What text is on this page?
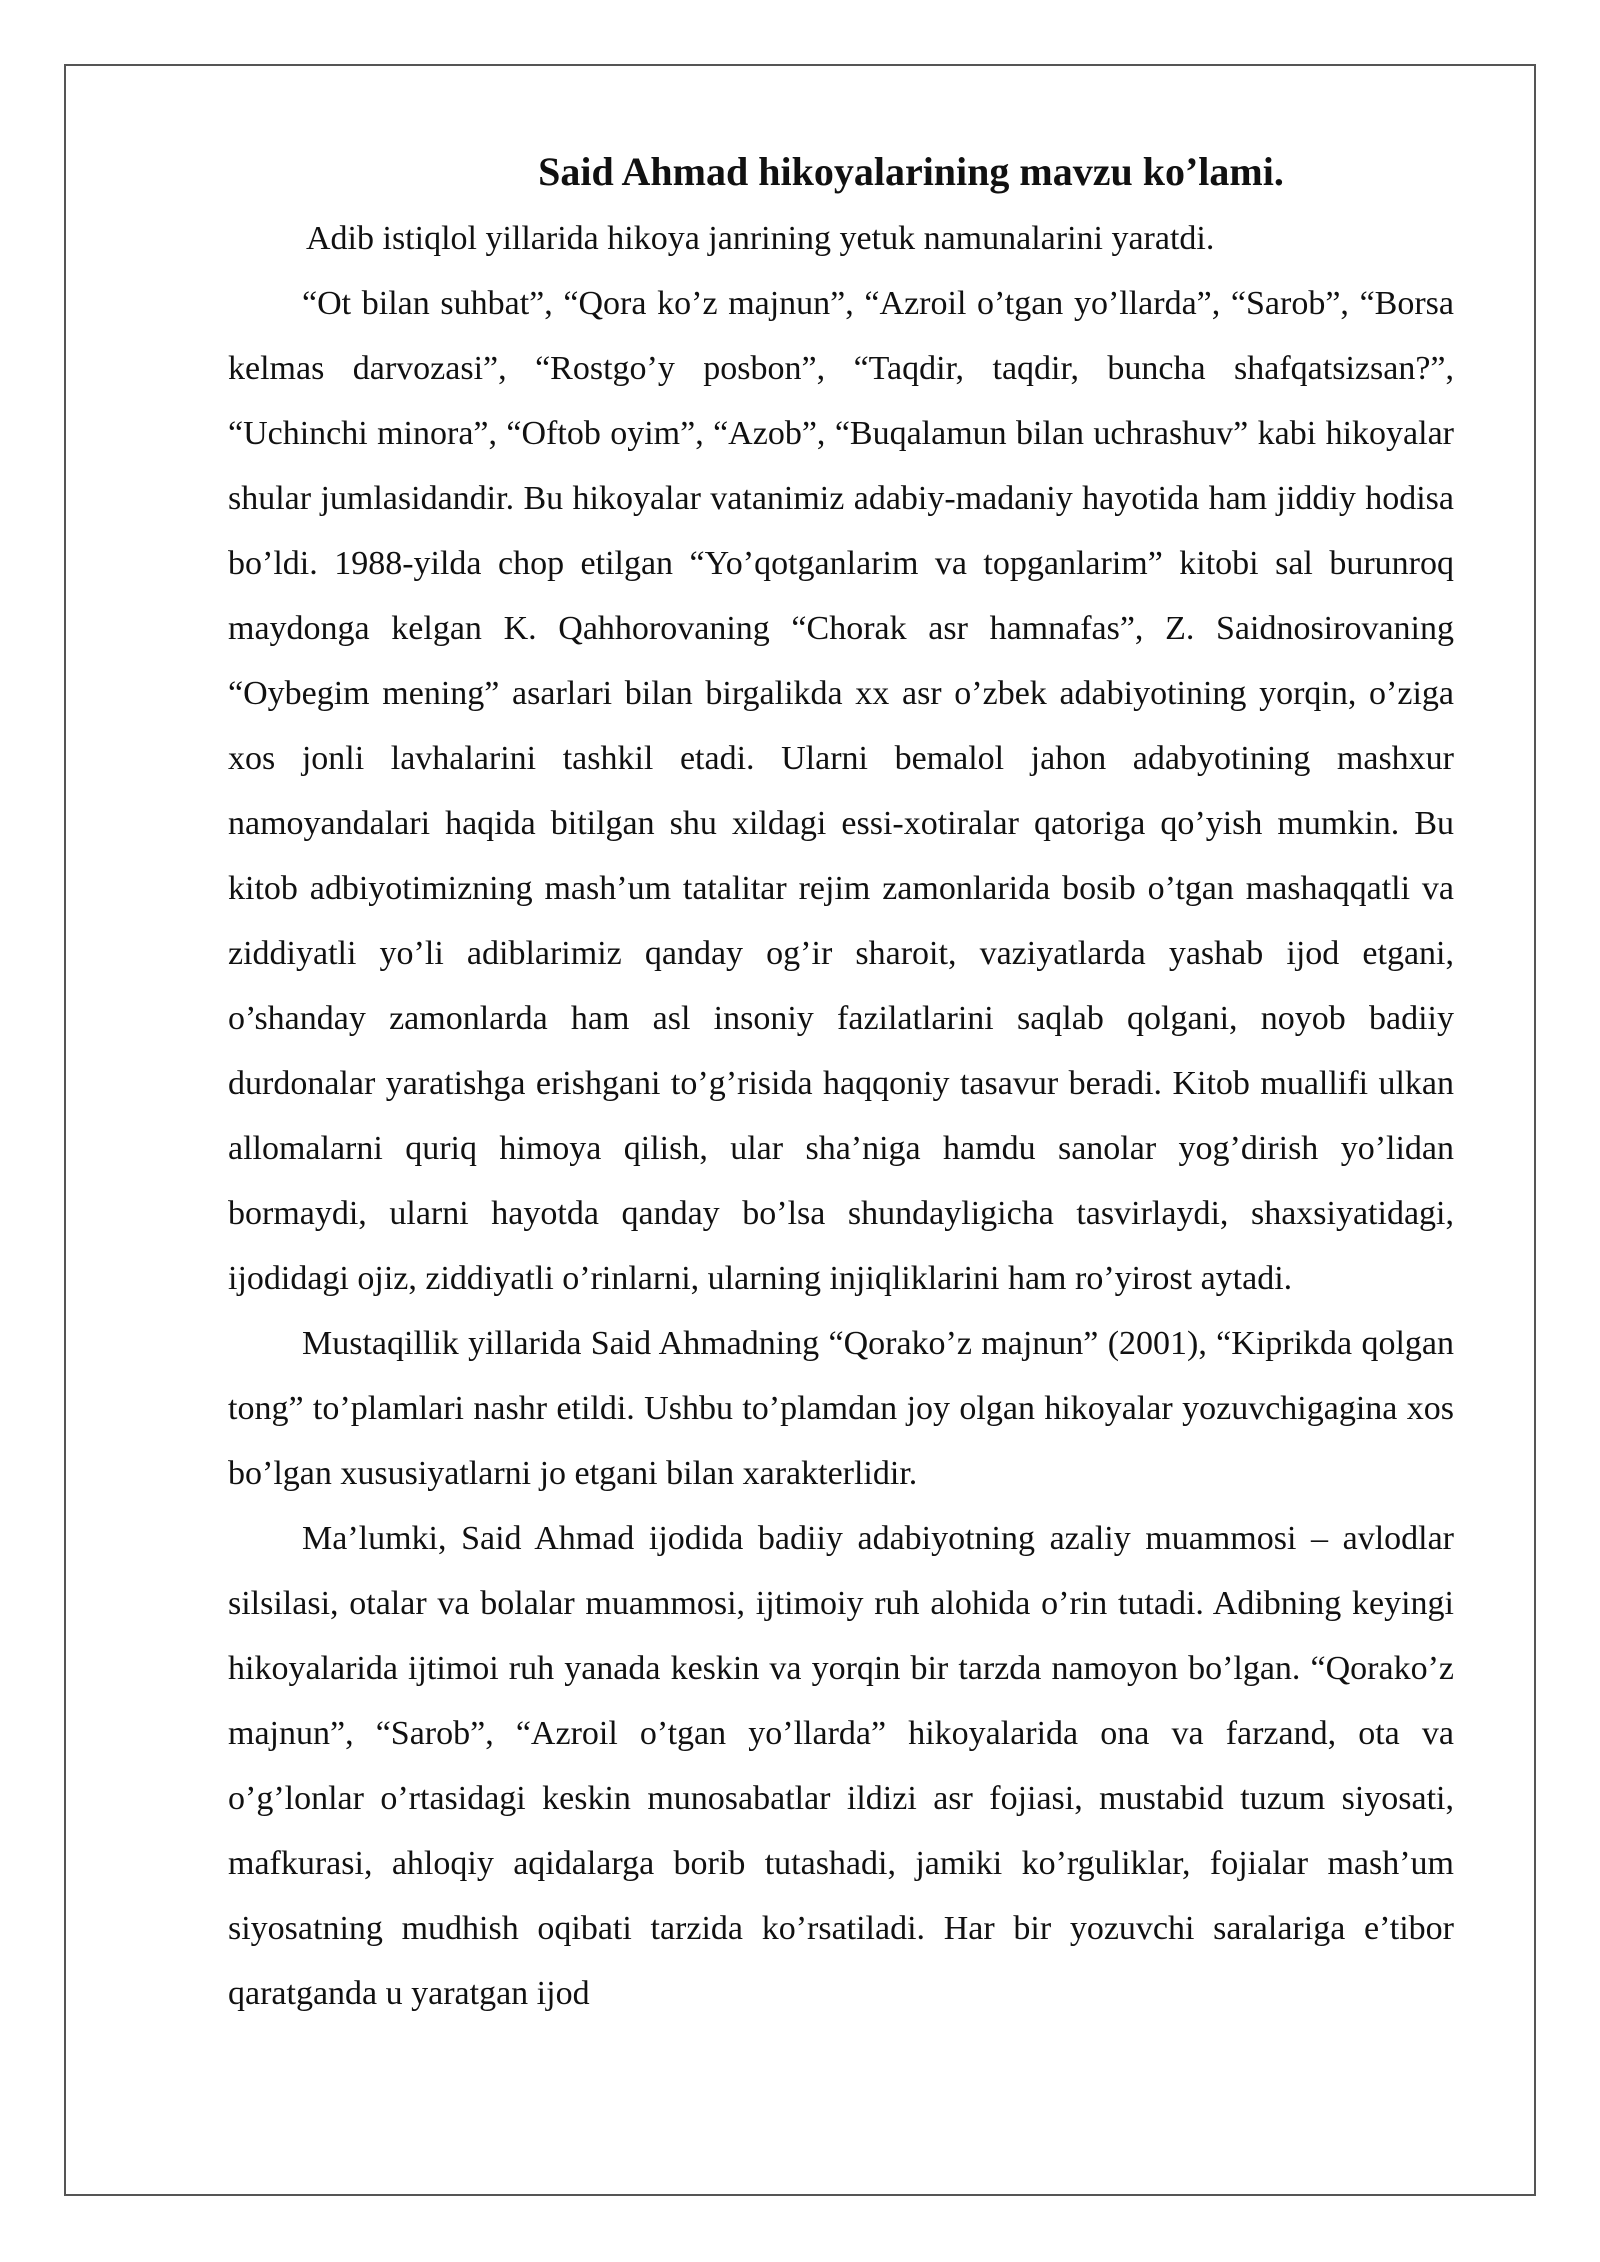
Said Ahmad hikoyalarining mavzu ko’lami.

Adib istiqlol yillarida hikoya janrining yetuk namunalarini yaratdi.

“Ot bilan suhbat”, “Qora ko’z majnun”, “Azroil o’tgan yo’llarda”, “Sarob”, “Borsa kelmas darvozasi”, “Rostgo’y posbon”, “Taqdir, taqdir, buncha shafqatsizsan?”, “Uchinchi minora”, “Oftob oyim”, “Azob”, “Buqalamun bilan uchrashuv” kabi hikoyalar shular jumlasidandir. Bu hikoyalar vatanimiz adabiy-madaniy hayotida ham jiddiy hodisa bo’ldi. 1988-yilda chop etilgan “Yo’qotganlarim va topganlarim” kitobi sal burunroq maydonga kelgan K. Qahhorovaning “Chorak asr hamnafas”, Z. Saidnosirovaning “Oybegim mening” asarlari bilan birgalikda xx asr o’zbek adabiyotining yorqin, o’ziga xos jonli lavhalarini tashkil etadi. Ularni bemalol jahon adabyotining mashxur namoyandalari haqida bitilgan shu xildagi essi-xotiralar qatoriga qo’yish mumkin. Bu kitob adbiyotimizning mash’um tatalitar rejim zamonlarida bosib o’tgan mashaqqatli va ziddiyatli yo’li adiblarimiz qanday og’ir sharoit, vaziyatlarda yashab ijod etgani, o’shanday zamonlarda ham asl insoniy fazilatlarini saqlab qolgani, noyob badiiy durdonalar yaratishga erishgani to’g’risida haqqoniy tasavur beradi. Kitob muallifi ulkan allomalarni quriq himoya qilish, ular sha’niga hamdu sanolar yog’dirish yo’lidan bormaydi, ularni hayotda qanday bo’lsa shundayligicha tasvirlaydi, shaxsiyatidagi, ijodidagi ojiz, ziddiyatli o’rinlarni, ularning injiqliklarini ham ro’yirost aytadi.

Mustaqillik yillarida Said Ahmadning “Qorako’z majnun” (2001), “Kiprikda qolgan tong” to’plamlari nashr etildi. Ushbu to’plamdan joy olgan hikoyalar yozuvchigagina xos bo’lgan xususiyatlarni jo etgani bilan xarakterlidir.

Ma’lumki, Said Ahmad ijodida badiiy adabiyotning azaliy muammosi – avlodlar silsilasi, otalar va bolalar muammosi, ijtimoiy ruh alohida o’rin tutadi. Adibning keyingi hikoyalarida ijtimoi ruh yanada keskin va yorqin bir tarzda namoyon bo’lgan. “Qorako’z majnun”, “Sarob”, “Azroil o’tgan yo’llarda” hikoyalarida ona va farzand, ota va o’g’lonlar o’rtasidagi keskin munosabatlar ildizi asr fojiasi, mustabid tuzum siyosati, mafkurasi, ahloqiy aqidalarga borib tutashadi, jamiki ko’rguliklar, fojialar mash’um siyosatning mudhish oqibati tarzida ko’rsatiladi. Har bir yozuvchi saralariga e’tibor qaratganda u yaratgan ijod
